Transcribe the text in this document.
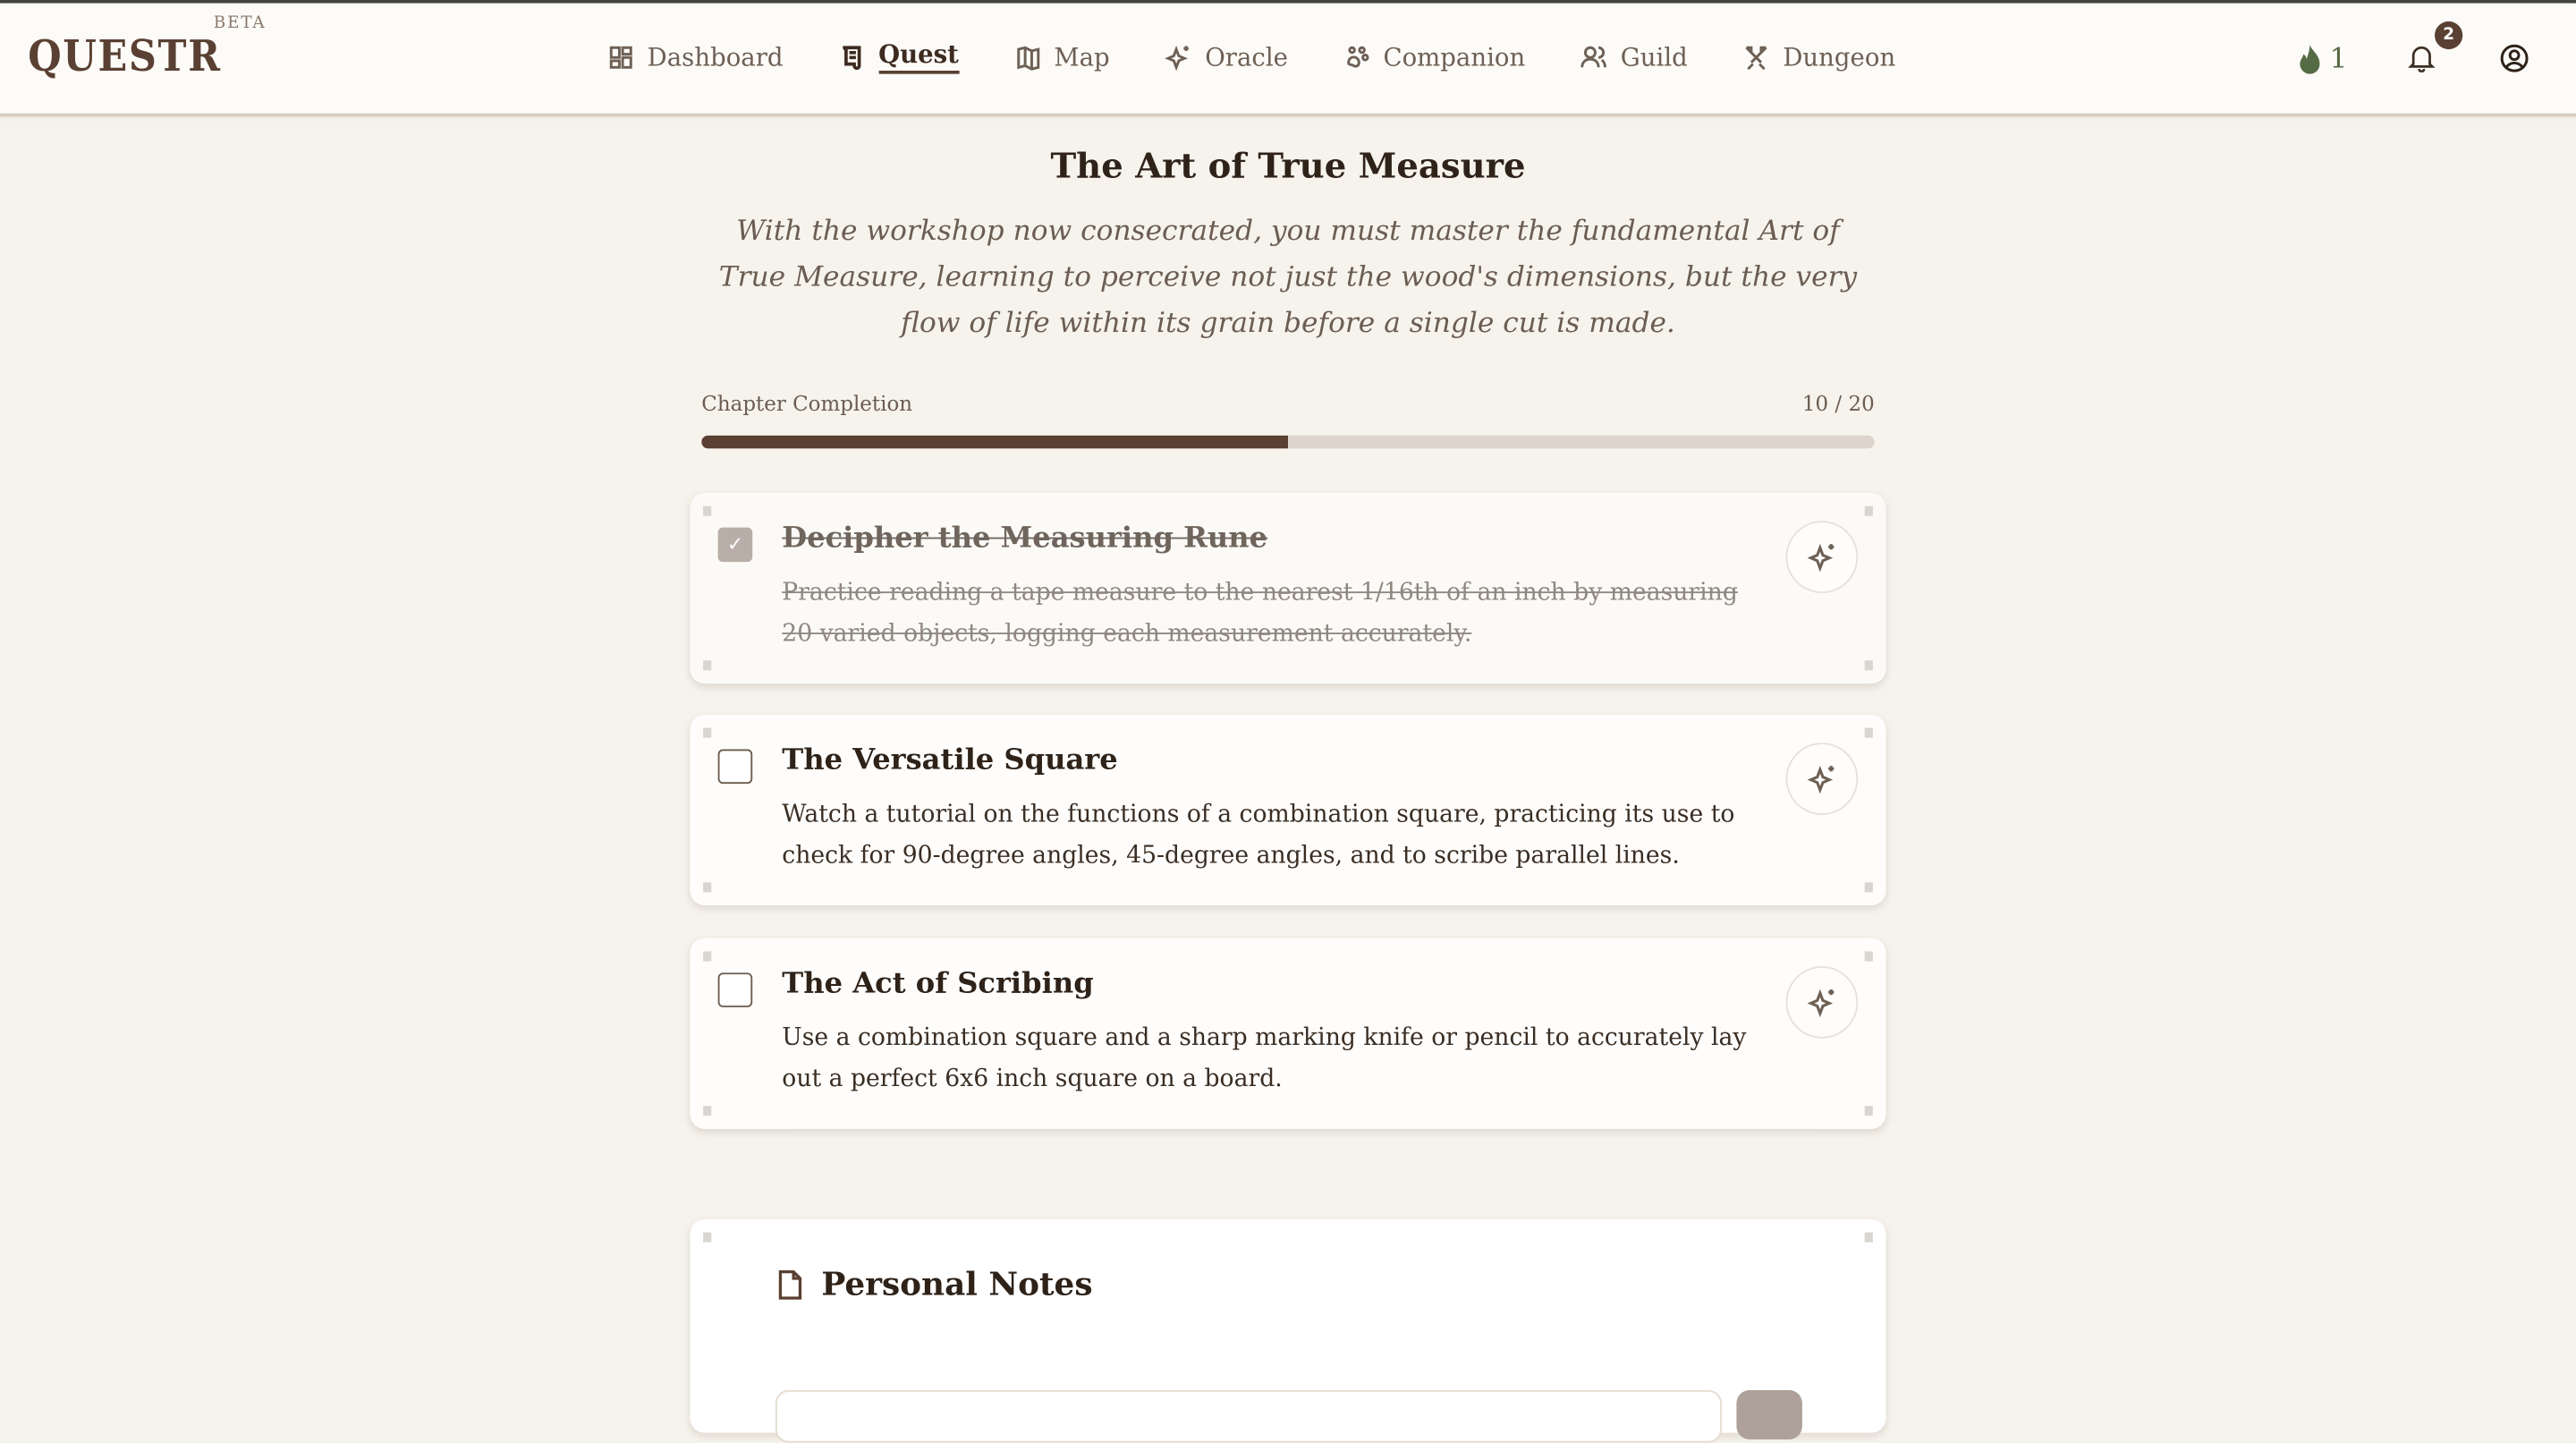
QUESTR
BETA
Dashboard	Quest	Map	Oracle	Companion	Guild	Dungeon	1
2
The Art of True Measure

With the workshop now consecrated, you must master the fundamental Art of True Measure, learning to perceive not just the wood's dimensions, but the very flow of life within its grain before a single cut is made.

Chapter Completion	10 / 20
✓	Decipher the Measuring Rune
Practice reading a tape measure to the nearest 1/16th of an inch by measuring 20 varied objects, logging each measurement accurately.
The Versatile Square
Watch a tutorial on the functions of a combination square, practicing its use to check for 90-degree angles, 45-degree angles, and to scribe parallel lines.
The Act of Scribing
Use a combination square and a sharp marking knife or pencil to accurately lay out a perfect 6x6 inch square on a board.
Personal Notes
